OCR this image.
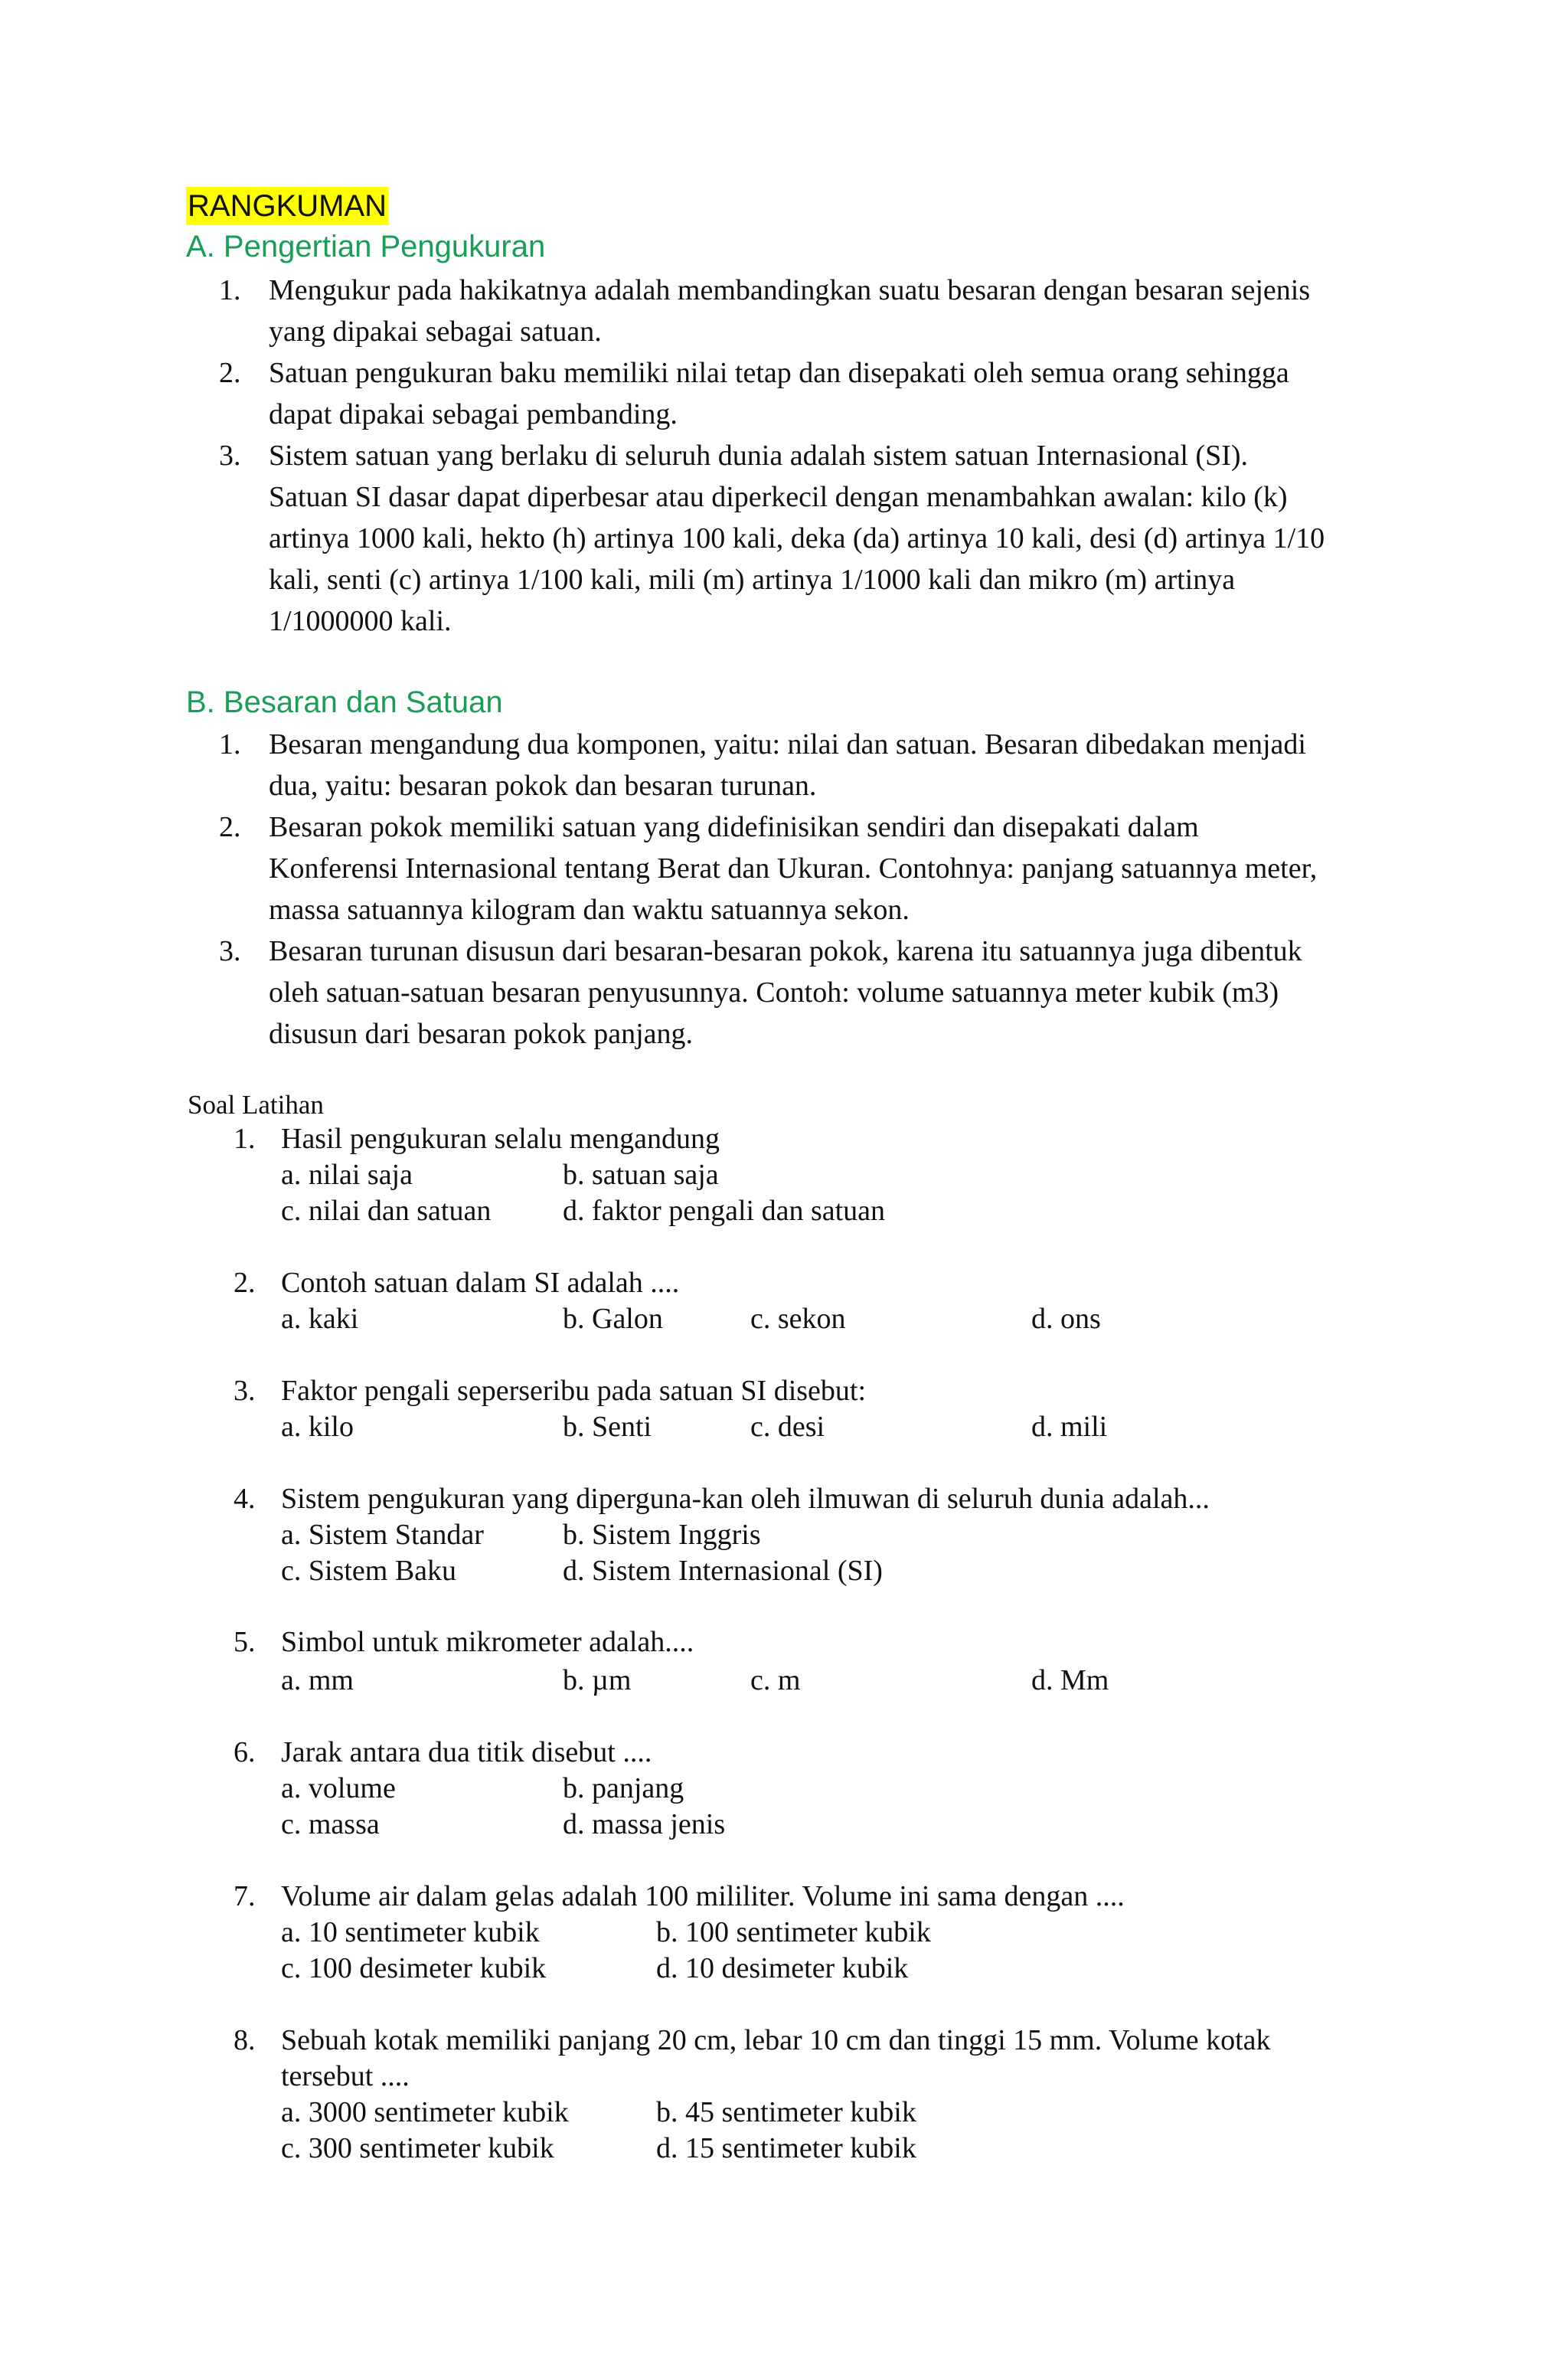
RANGKUMAN
A. Pengertian Pengukuran
1. Mengukur pada hakikatnya adalah membandingkan suatu besaran dengan besaran sejenis
yang dipakai sebagai satuan.
2. Satuan pengukuran baku memiliki nilai tetap dan disepakati oleh semua orang sehingga
dapat dipakai sebagai pembanding.
3. Sistem satuan yang berlaku di seluruh dunia adalah sistem satuan Internasional (SI).
Satuan SI dasar dapat diperbesar atau diperkecil dengan menambahkan awalan: kilo (k)
artinya 1000 kali, hekto (h) artinya 100 kali, deka (da) artinya 10 kali, desi (d) artinya 1/10
kali, senti (c) artinya 1/100 kali, mili (m) artinya 1/1000 kali dan mikro (m) artinya
1/1000000 kali.
B. Besaran dan Satuan
1. Besaran mengandung dua komponen, yaitu: nilai dan satuan. Besaran dibedakan menjadi
dua, yaitu: besaran pokok dan besaran turunan.
2. Besaran pokok memiliki satuan yang didefinisikan sendiri dan disepakati dalam
Konferensi Internasional tentang Berat dan Ukuran. Contohnya: panjang satuannya meter,
massa satuannya kilogram dan waktu satuannya sekon.
3. Besaran turunan disusun dari besaran-besaran pokok, karena itu satuannya juga dibentuk
oleh satuan-satuan besaran penyusunnya. Contoh: volume satuannya meter kubik (m3)
disusun dari besaran pokok panjang.
Soal Latihan
1. Hasil pengukuran selalu mengandung
a. nilai saja	b. satuan saja
c. nilai dan satuan d. faktor pengali dan satuan
2. Contoh satuan dalam SI adalah ....
a. kaki	b. Galon	c. sekon	d. ons
3. Faktor pengali seperseribu pada satuan SI disebut:
a. kilo	b. Senti	c. desi	d. mili
4. Sistem pengukuran yang diperguna-kan oleh ilmuwan di seluruh dunia adalah...
a. Sistem Standar	b. Sistem Inggris
c. Sistem Baku	d. Sistem Internasional (SI)
5. Simbol untuk mikrometer adalah....
a. mm	b. µm	c. m	d. Mm
6. Jarak antara dua titik disebut ....
a. volume	b. panjang
c. massa	d. massa jenis
7. Volume air dalam gelas adalah 100 mililiter. Volume ini sama dengan ....
a. 10 sentimeter kubik	b. 100 sentimeter kubik
c. 100 desimeter kubik	d. 10 desimeter kubik
8. Sebuah kotak memiliki panjang 20 cm, lebar 10 cm dan tinggi 15 mm. Volume kotak
tersebut ....
a. 3000 sentimeter kubik	b. 45 sentimeter kubik
c. 300 sentimeter kubik	d. 15 sentimeter kubik
